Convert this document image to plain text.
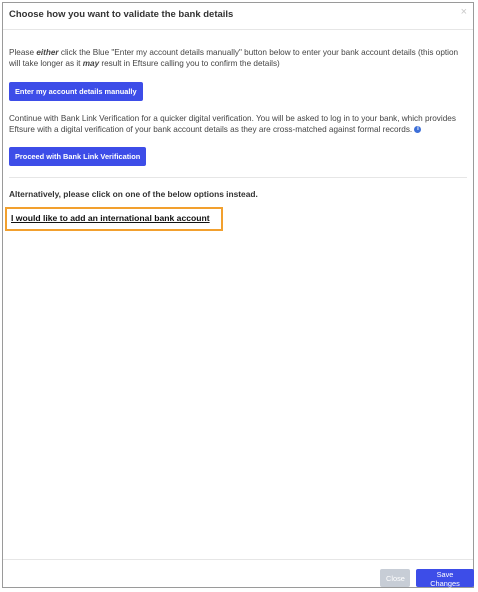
Choose how you want to validate the bank details	×
Please either click the Blue "Enter my account details manually" button below to enter your bank account details (this option will take longer as it may result in Eftsure calling you to confirm the details)
Enter my account details manually
Continue with Bank Link Verification for a quicker digital verification. You will be asked to log in to your bank, which provides Eftsure with a digital verification of your bank account details as they are cross-matched against formal records. i
Proceed with Bank Link Verification
Alternatively, please click on one of the below options instead.
I would like to add an international bank account
Close	Save Changes
